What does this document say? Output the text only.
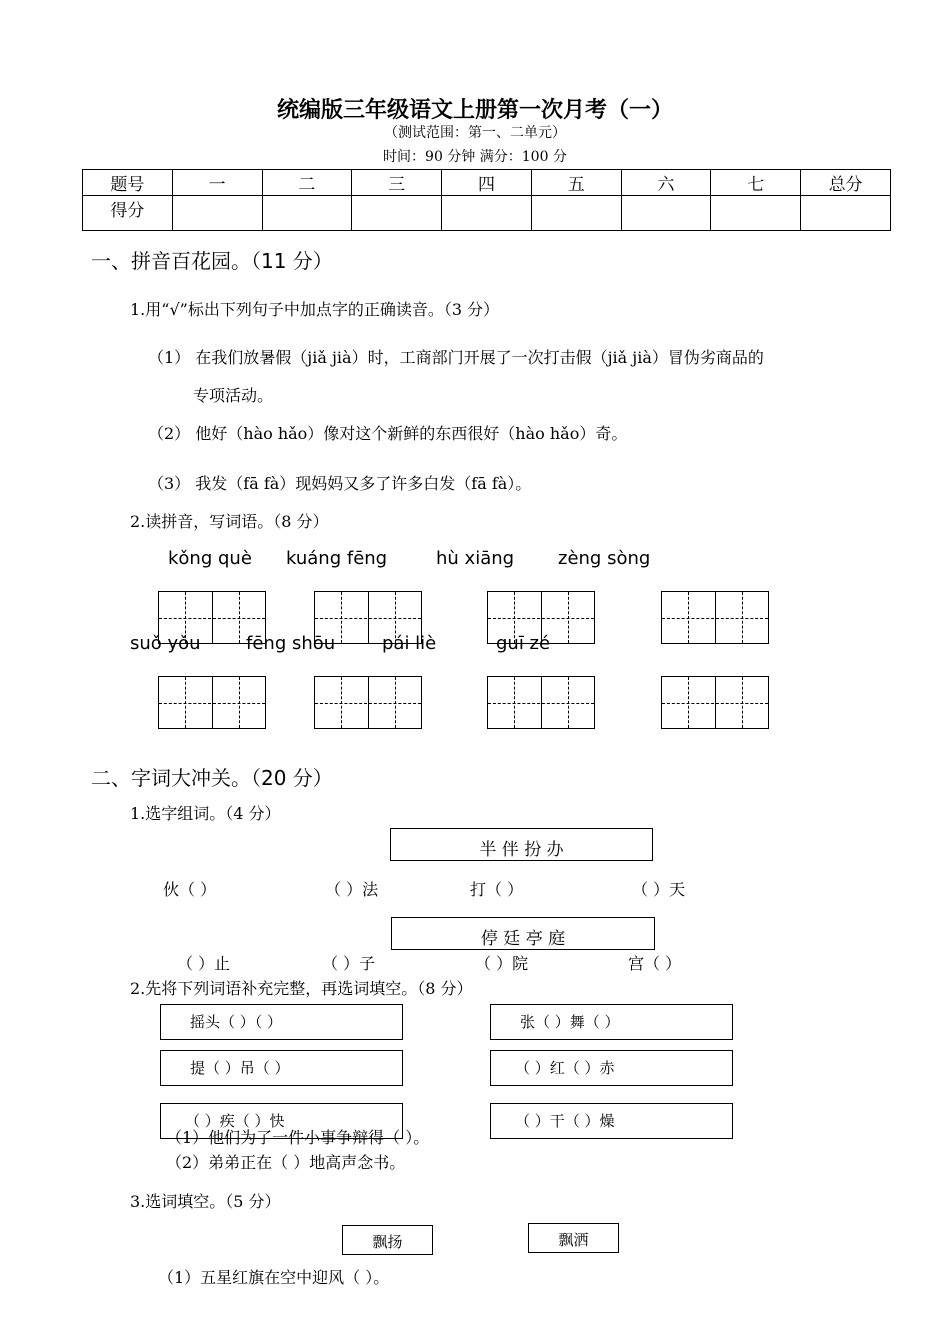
统编版三年级语文上册第一次月考（一）
（测试范围：第一、二单元）
时间：90 分钟 满分：100 分
题号	一	二	三	四	五	六	七	总分
得分								
一、拼音百花园。（11 分）
1.用“√”标出下列句子中加点字的正确读音。（3 分）
（1） 在我们放暑假（jiǎ jià）时，工商部门开展了一次打击假（jiǎ jià）冒伪劣商品的
专项活动。
（2） 他好（hào hǎo）像对这个新鲜的东西很好（hào hǎo）奇。
（3） 我发（fā fà）现妈妈又多了许多白发（fā fà）。
2.读拼音，写词语。（8 分）
kǒng què kuáng fēng	hù xiāng zèng sòng
suǒ yǒu	fēng shōu	pái liè	guī zé
二、字词大冲关。（20 分）
1.选字组词。（4 分）
半 伴 扮 办
伙（ ）	（ ）法	打（ ）	（ ）天
停 廷 亭 庭
（ ）止	（ ）子	（ ）院	宫（ ）
2.先将下列词语补充完整，再选词填空。（8 分）
摇头（ ）（ ）	张（ ）舞（ ）
提（ ）吊（ ）	（ ）红（ ）赤
（ ）疾（ ）快	（ ）干（ ）燥
（1）他们为了一件小事争辩得（ ）。
（2）弟弟正在（ ）地高声念书。
3.选词填空。（5 分）
飘扬	飘洒
（1）五星红旗在空中迎风（ ）。
